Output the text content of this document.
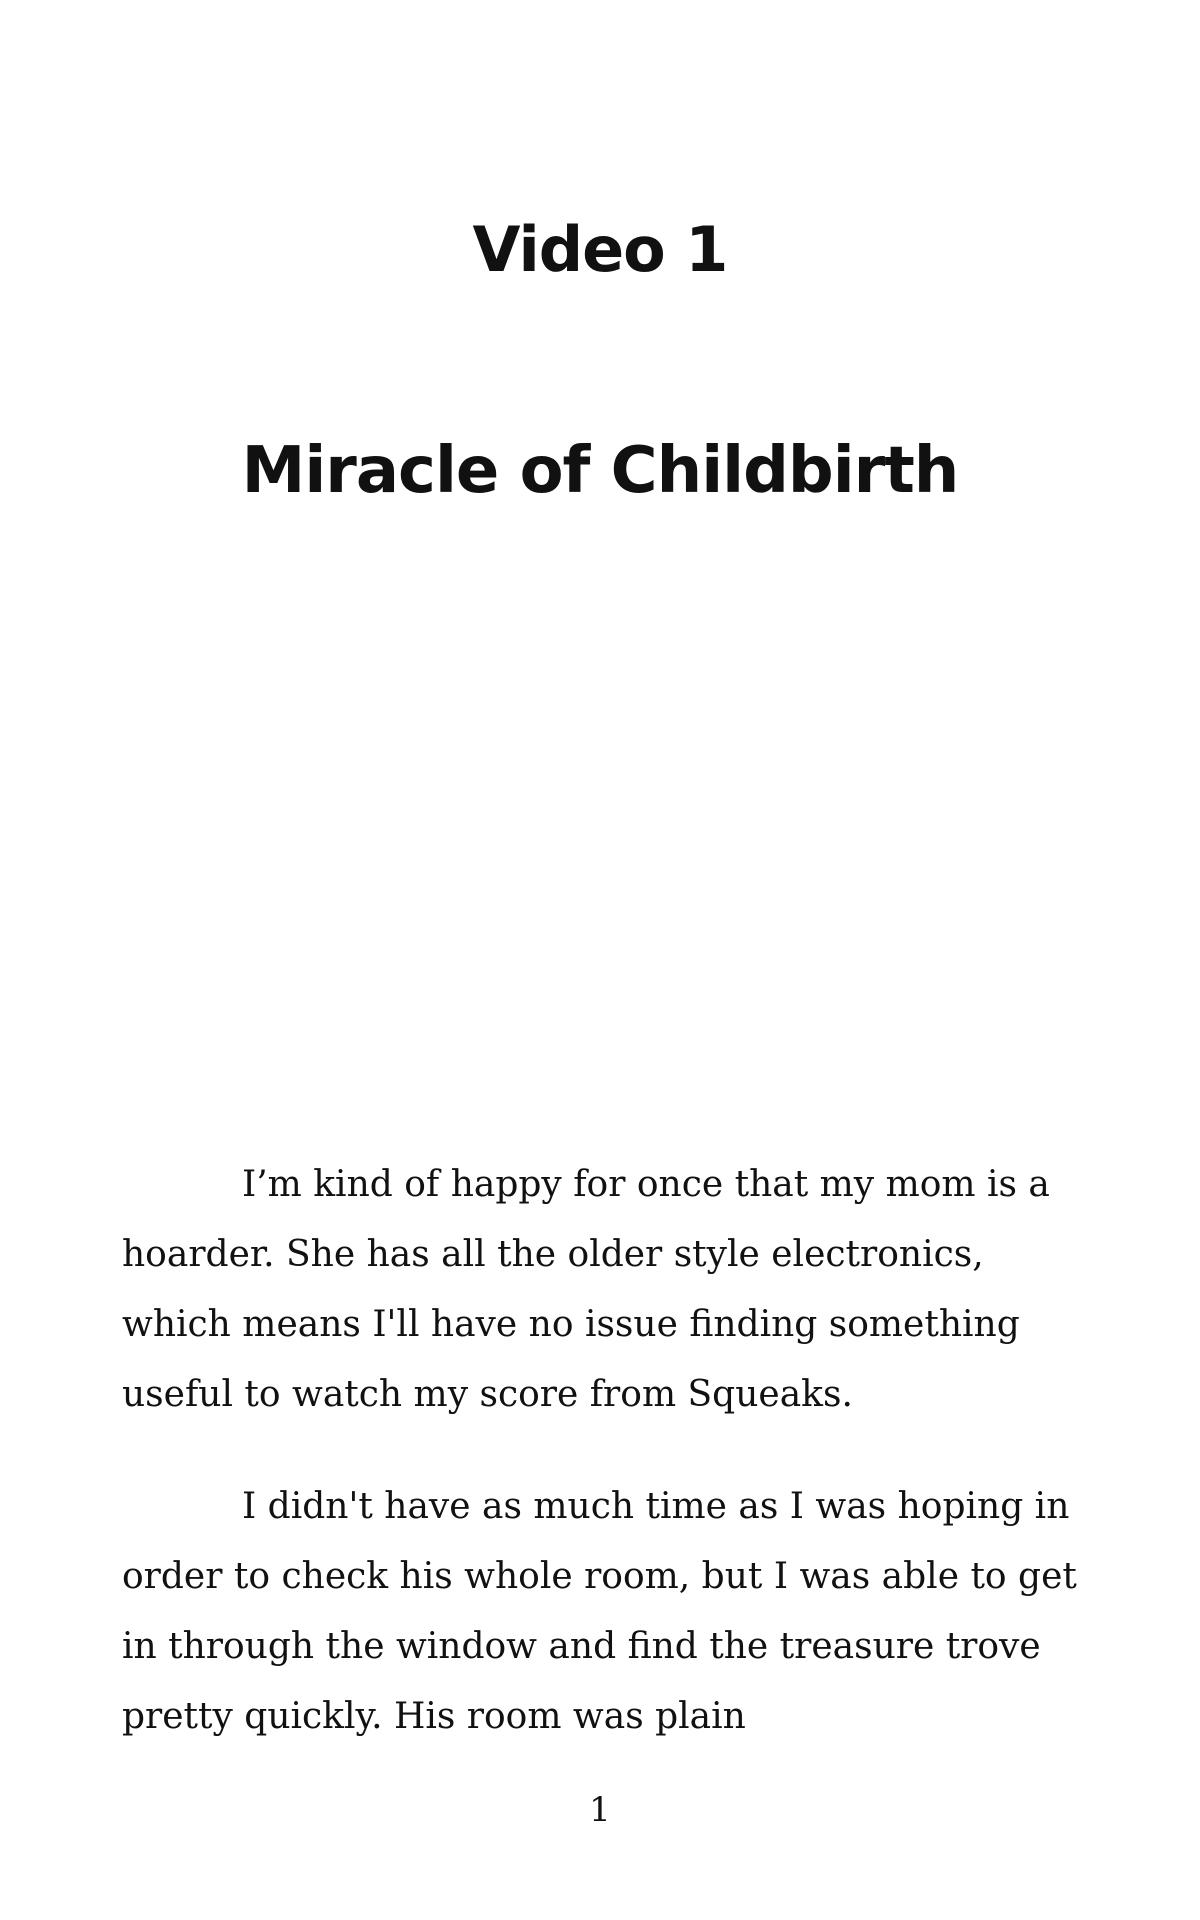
Video 1
Miracle of Childbirth

I’m kind of happy for once that my mom is a hoarder. She has all the older style electronics, which means I'll have no issue finding something useful to watch my score from Squeaks.

I didn't have as much time as I was hoping in order to check his whole room, but I was able to get in through the window and find the treasure trove pretty quickly. His room was plain

1
